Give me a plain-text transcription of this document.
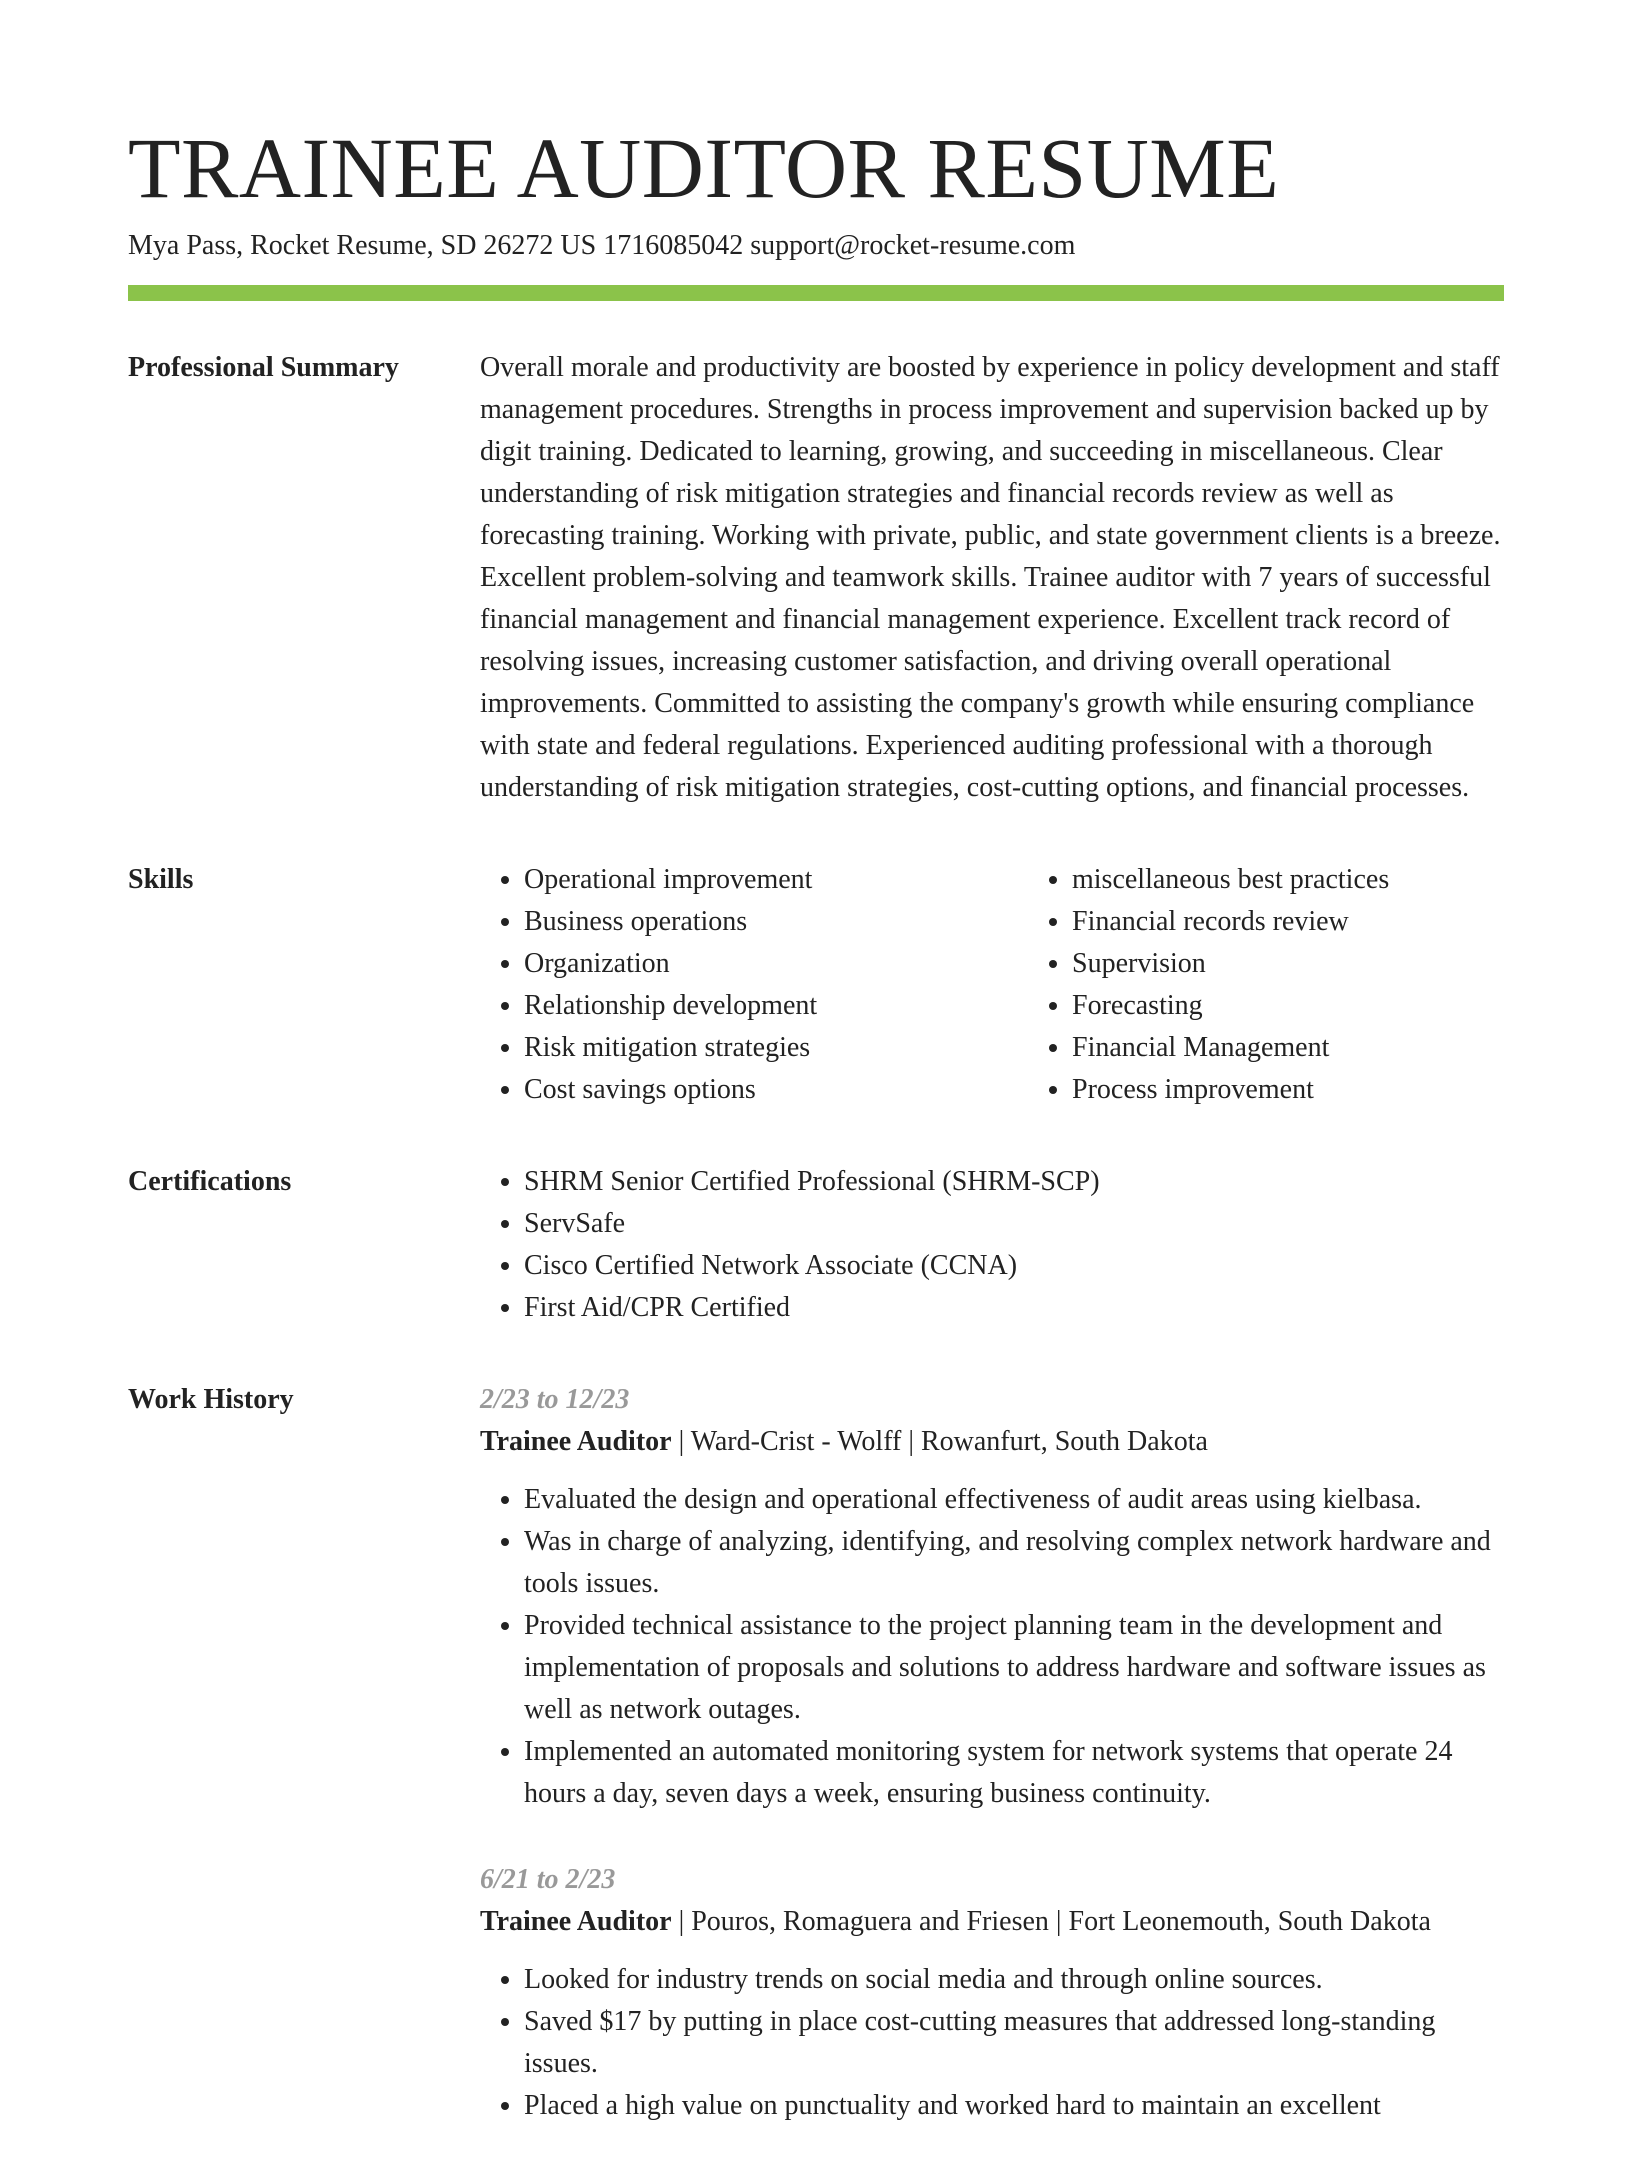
TRAINEE AUDITOR RESUME
Mya Pass, Rocket Resume, SD 26272 US 1716085042 support@rocket-resume.com
Professional Summary	Overall morale and productivity are boosted by experience in policy development and staff management procedures. Strengths in process improvement and supervision backed up by digit training. Dedicated to learning, growing, and succeeding in miscellaneous. Clear understanding of risk mitigation strategies and financial records review as well as forecasting training. Working with private, public, and state government clients is a breeze. Excellent problem-solving and teamwork skills. Trainee auditor with 7 years of successful financial management and financial management experience. Excellent track record of resolving issues, increasing customer satisfaction, and driving overall operational improvements. Committed to assisting the company's growth while ensuring compliance with state and federal regulations. Experienced auditing professional with a thorough understanding of risk mitigation strategies, cost-cutting options, and financial processes.

Skills	• Operational improvement
• Business operations
• Organization
• Relationship development
• Risk mitigation strategies
• Cost savings options
• miscellaneous best practices
• Financial records review
• Supervision
• Forecasting
• Financial Management
• Process improvement
Certifications	• SHRM Senior Certified Professional (SHRM-SCP)
• ServSafe
• Cisco Certified Network Associate (CCNA)
• First Aid/CPR Certified
Work History	2/23 to 12/23
Trainee Auditor | Ward-Crist - Wolff | Rowanfurt, South Dakota
• Evaluated the design and operational effectiveness of audit areas using kielbasa.
• Was in charge of analyzing, identifying, and resolving complex network hardware and tools issues.
• Provided technical assistance to the project planning team in the development and implementation of proposals and solutions to address hardware and software issues as well as network outages.
• Implemented an automated monitoring system for network systems that operate 24 hours a day, seven days a week, ensuring business continuity.
6/21 to 2/23
Trainee Auditor | Pouros, Romaguera and Friesen | Fort Leonemouth, South Dakota
• Looked for industry trends on social media and through online sources.
• Saved $17 by putting in place cost-cutting measures that addressed long-standing issues.
• Placed a high value on punctuality and worked hard to maintain an excellent
